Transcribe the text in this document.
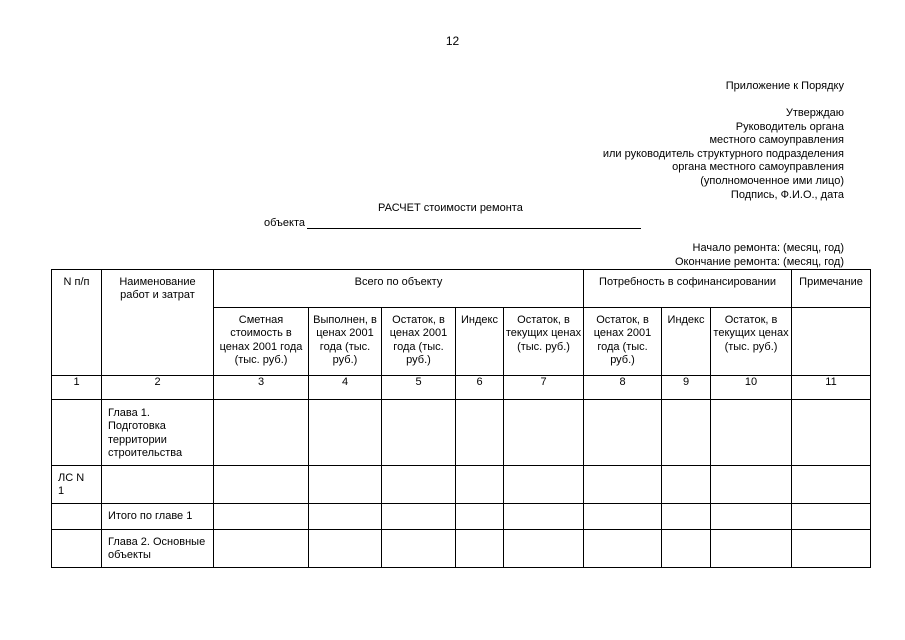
12
Приложение к Порядку
Утверждаю
Руководитель органа
местного самоуправления
или руководитель структурного подразделения
органа местного самоуправления
(уполномоченное ими лицо)
Подпись, Ф.И.О., дата
РАСЧЕТ стоимости ремонта
объекта
Начало ремонта: (месяц, год)
Окончание ремонта: (месяц, год)
N п/п	Наименование работ и затрат	Всего по объекту					Потребность в софинансировании			Примечание
		Сметная стоимость в ценах 2001 года (тыс. руб.)	Выполнен, в ценах 2001 года (тыс. руб.)	Остаток, в ценах 2001 года (тыс. руб.)	Индекс	Остаток, в текущих ценах (тыс. руб.)	Остаток, в ценах 2001 года (тыс. руб.)	Индекс	Остаток, в текущих ценах (тыс. руб.)	
1	2	3	4	5	6	7	8	9	10	11
	Глава 1. Подготовка территории строительства									
ЛС N 1										
	Итого по главе 1									
	Глава 2. Основные объекты									
